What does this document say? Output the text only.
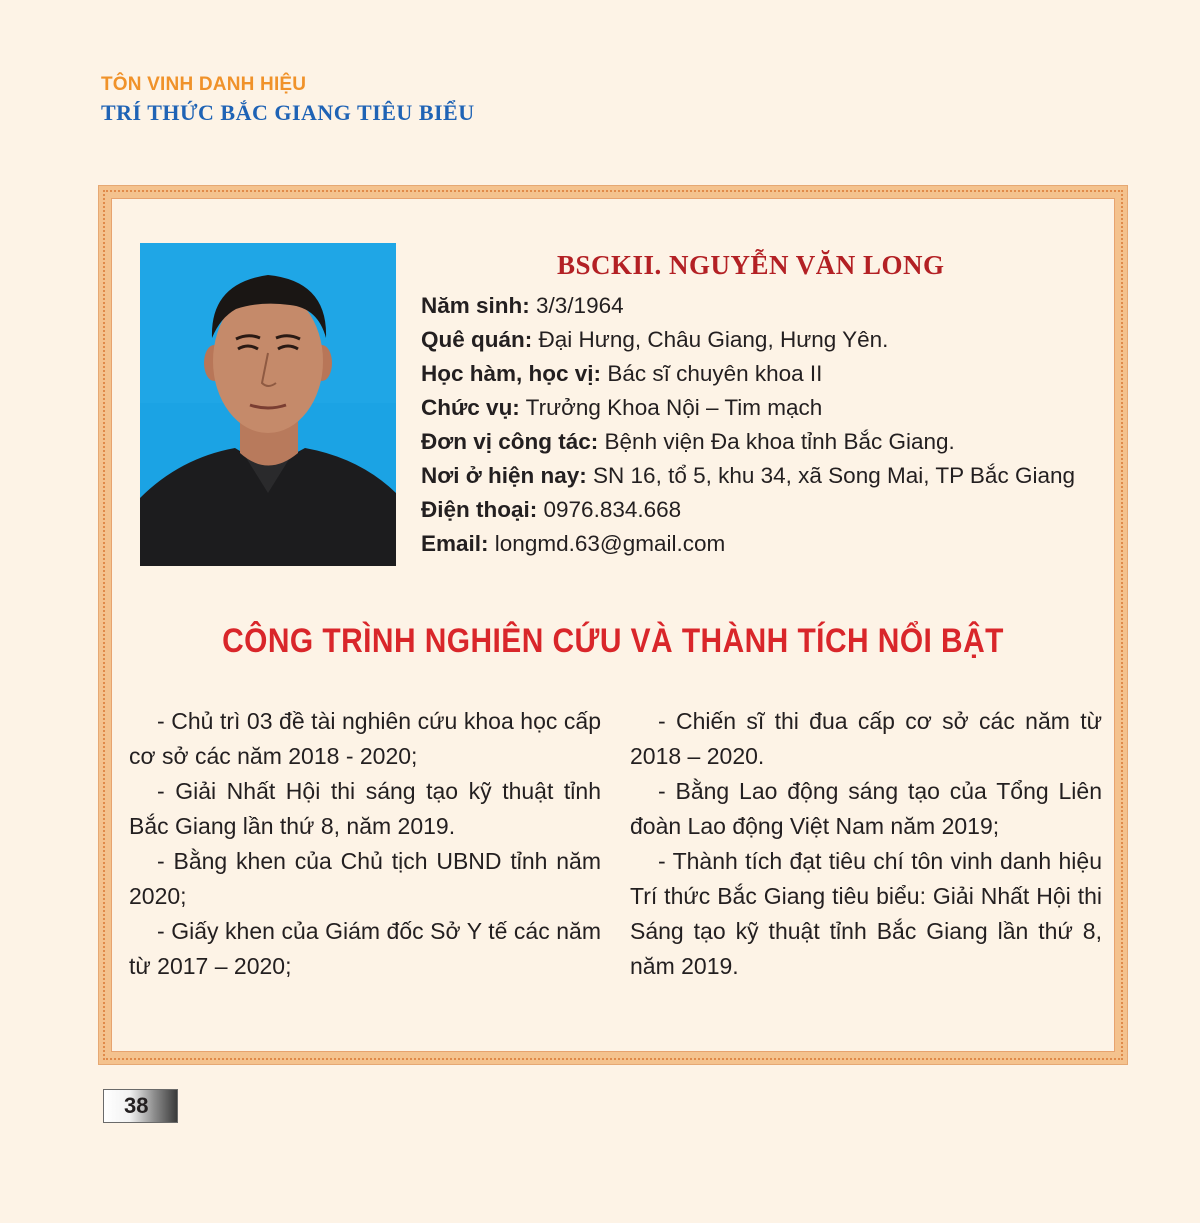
TÔN VINH DANH HIỆU
TRÍ THỨC BẮC GIANG TIÊU BIỂU
BSCKII. NGUYỄN VĂN LONG
Năm sinh: 3/3/1964
Quê quán: Đại Hưng, Châu Giang, Hưng Yên.
Học hàm, học vị: Bác sĩ chuyên khoa II
Chức vụ: Trưởng Khoa Nội – Tim mạch
Đơn vị công tác: Bệnh viện Đa khoa tỉnh Bắc Giang.
Nơi ở hiện nay: SN 16, tổ 5, khu 34, xã Song Mai, TP Bắc Giang
Điện thoại: 0976.834.668
Email: longmd.63@gmail.com
CÔNG TRÌNH NGHIÊN CỨU VÀ THÀNH TÍCH NỔI BẬT

- Chủ trì 03 đề tài nghiên cứu khoa học cấp cơ sở các năm 2018 - 2020;

- Giải Nhất Hội thi sáng tạo kỹ thuật tỉnh Bắc Giang lần thứ 8, năm 2019.

- Bằng khen của Chủ tịch UBND tỉnh năm 2020;

- Giấy khen của Giám đốc Sở Y tế các năm từ 2017 – 2020;

- Chiến sĩ thi đua cấp cơ sở các năm từ 2018 – 2020.

- Bằng Lao động sáng tạo của Tổng Liên đoàn Lao động Việt Nam năm 2019;

- Thành tích đạt tiêu chí tôn vinh danh hiệu Trí thức Bắc Giang tiêu biểu: Giải Nhất Hội thi Sáng tạo kỹ thuật tỉnh Bắc Giang lần thứ 8, năm 2019.

38
